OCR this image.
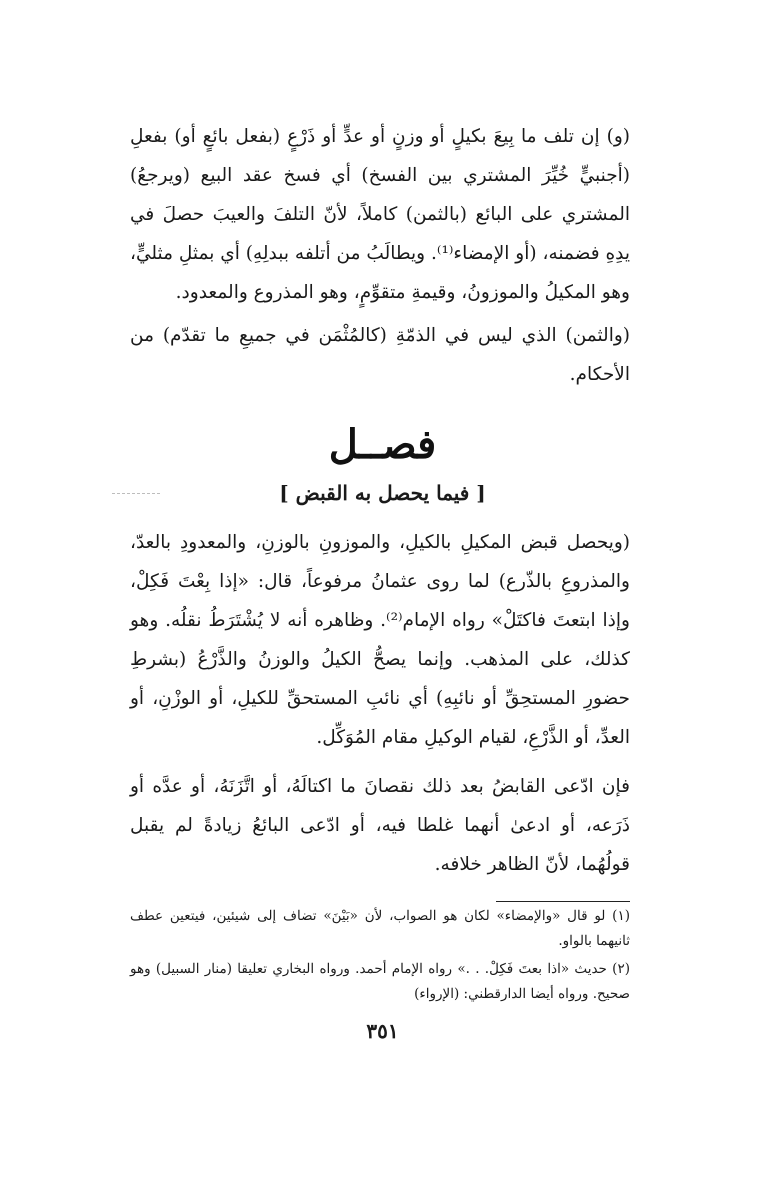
(و) إن تلف ما بِيعَ بكيلٍ أو وزنٍ أو عدٍّ أو ذَرْعٍ (بفعل بائعٍ أو) بفعلِ (أجنبيٍّ خُيِّرَ المشتري بين الفسخ) أي فسخ عقد البيع (ويرجعُ) المشتري على البائع (بالثمن) كاملاً، لأنّ التلفَ والعيبَ حصلَ في يدِهِ فضمنه، (أو الإمضاء⁽¹⁾. ويطالَبُ من أتلفه ببدلِهِ) أي بمثلِ مثليٍّ، وهو المكيلُ والموزونُ، وقيمةِ متقوِّمٍ، وهو المذروع والمعدود.

(والثمن) الذي ليس في الذمّةِ (كالمُثْمَن في جميعِ ما تقدّم) من الأحكام.

فصــل
[ فيما يحصل به القبض ]

(ويحصل قبض المكيلِ بالكيلِ، والموزونِ بالوزنِ، والمعدودِ بالعدّ، والمذروعِ بالذّرع) لما روى عثمانُ مرفوعاً، قال: «إذا بِعْتَ فَكِلْ، وإذا ابتعتَ فاكتَلْ» رواه الإمام⁽²⁾. وظاهره أنه لا يُشْتَرَطُ نقلُه. وهو كذلك، على المذهب. وإنما يصحُّ الكيلُ والوزنُ والذَّرْعُ (بشرطِ حضورِ المستحِقِّ أو نائبِهِ) أي نائبِ المستحقِّ للكيلِ، أو الوزْنِ، أو العدِّ، أو الذَّرْعِ، لقيام الوكيلِ مقام المُوَكِّل.

فإن ادّعى القابضُ بعد ذلك نقصانَ ما اكتالَهُ، أو اتَّزَنَهُ، أو عدَّه أو ذَرَعه، أو ادعىٰ أنهما غلطا فيه، أو ادّعى البائعُ زيادةً لم يقبل قولُهُما، لأنّ الظاهر خلافه.

(١) لو قال «والإمضاء» لكان هو الصواب، لأن «بَيْنَ» تضاف إلى شيئين، فيتعين عطف ثانيهما بالواو.

(٢) حديث «اذا بعتَ فَكِلْ. . .» رواه الإمام أحمد. ورواه البخاري تعليقا (منار السبيل) وهو صحيح. ورواه أيضا الدارقطني: (الإرواء)

٣٥١
